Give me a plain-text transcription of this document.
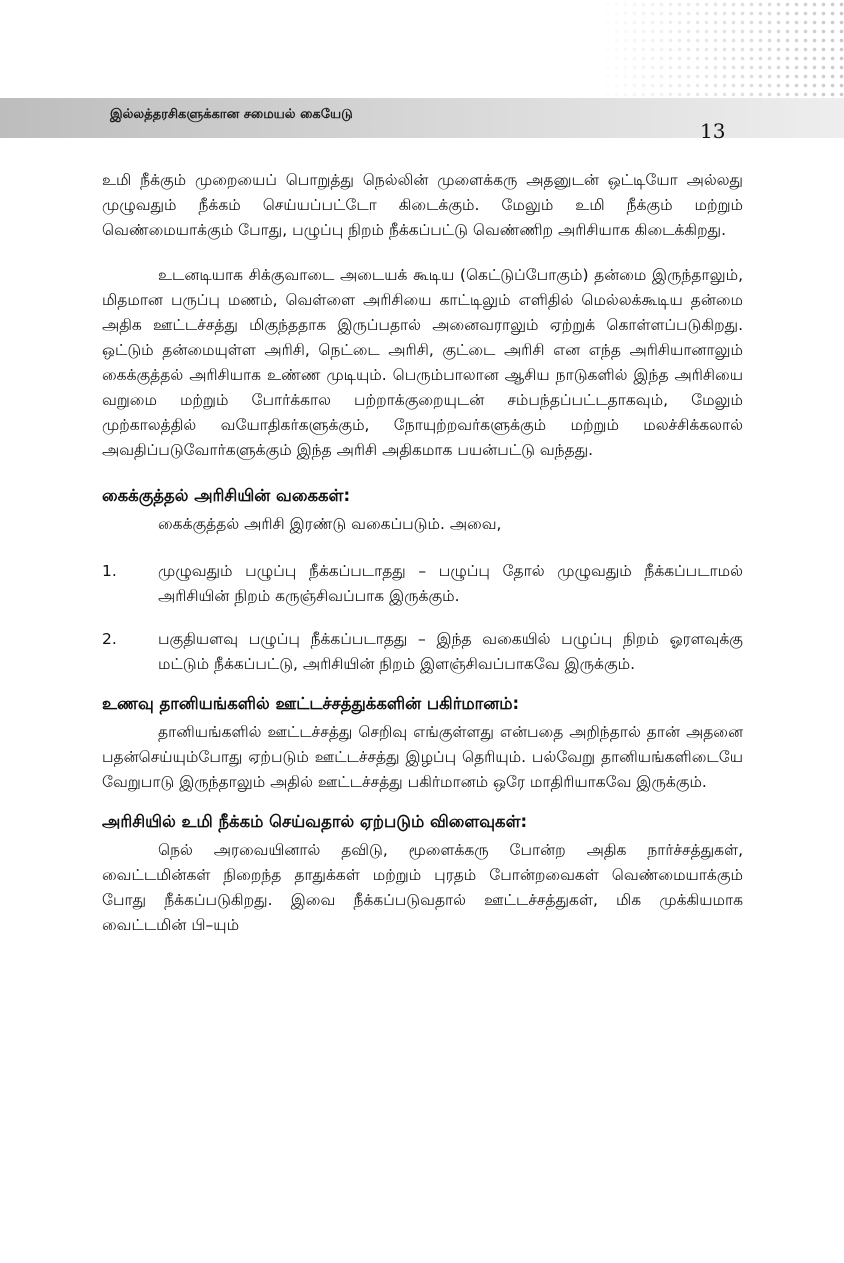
இல்லத்தரசிகளுக்கான சமையல் கையேடு
13

உமி நீக்கும் முறையைப் பொறுத்து நெல்லின் முளைக்கரு அதனுடன் ஒட்டியோ அல்லது முழுவதும் நீக்கம் செய்யப்பட்டோ கிடைக்கும். மேலும் உமி நீக்கும் மற்றும் வெண்மையாக்கும் போது, பழுப்பு நிறம் நீக்கப்பட்டு வெண்ணிற அரிசியாக கிடைக்கிறது.

உடனடியாக சிக்குவாடை அடையக் கூடிய (கெட்டுப்போகும்) தன்மை இருந்தாலும், மிதமான பருப்பு மணம், வெள்ளை அரிசியை காட்டிலும் எளிதில் மெல்லக்கூடிய தன்மை அதிக ஊட்டச்சத்து மிகுந்ததாக இருப்பதால் அனைவராலும் ஏற்றுக் கொள்ளப்படுகிறது. ஒட்டும் தன்மையுள்ள அரிசி, நெட்டை அரிசி, குட்டை அரிசி என எந்த அரிசியானாலும் கைக்குத்தல் அரிசியாக உண்ண முடியும். பெரும்பாலான ஆசிய நாடுகளில் இந்த அரிசியை வறுமை மற்றும் போர்க்கால பற்றாக்குறையுடன் சம்பந்தப்பட்டதாகவும், மேலும் முற்காலத்தில் வயோதிகர்களுக்கும், நோயுற்றவர்களுக்கும் மற்றும் மலச்சிக்கலால் அவதிப்படுவோர்களுக்கும் இந்த அரிசி அதிகமாக பயன்பட்டு வந்தது.

கைக்குத்தல் அரிசியின் வகைகள்:
கைக்குத்தல் அரிசி இரண்டு வகைப்படும். அவை,
1.	முழுவதும் பழுப்பு நீக்கப்படாதது – பழுப்பு தோல் முழுவதும் நீக்கப்படாமல் அரிசியின் நிறம் கருஞ்சிவப்பாக இருக்கும்.
2.	பகுதியளவு பழுப்பு நீக்கப்படாதது – இந்த வகையில் பழுப்பு நிறம் ஓரளவுக்கு மட்டும் நீக்கப்பட்டு, அரிசியின் நிறம் இளஞ்சிவப்பாகவே இருக்கும்.
உணவு தானியங்களில் ஊட்டச்சத்துக்களின் பகிர்மானம்:

தானியங்களில் ஊட்டச்சத்து செறிவு எங்குள்ளது என்பதை அறிந்தால் தான் அதனை பதன்செய்யும்போது ஏற்படும் ஊட்டச்சத்து இழப்பு தெரியும். பல்வேறு தானியங்களிடையே வேறுபாடு இருந்தாலும் அதில் ஊட்டச்சத்து பகிர்மானம் ஒரே மாதிரியாகவே இருக்கும்.

அரிசியில் உமி நீக்கம் செய்வதால் ஏற்படும் விளைவுகள்:

நெல் அரவையினால் தவிடு, மூளைக்கரு போன்ற அதிக நார்ச்சத்துகள், வைட்டமின்கள் நிறைந்த தாதுக்கள் மற்றும் புரதம் போன்றவைகள் வெண்மையாக்கும் போது நீக்கப்படுகிறது. இவை நீக்கப்படுவதால் ஊட்டச்சத்துகள், மிக முக்கியமாக வைட்டமின் பி–யும்
